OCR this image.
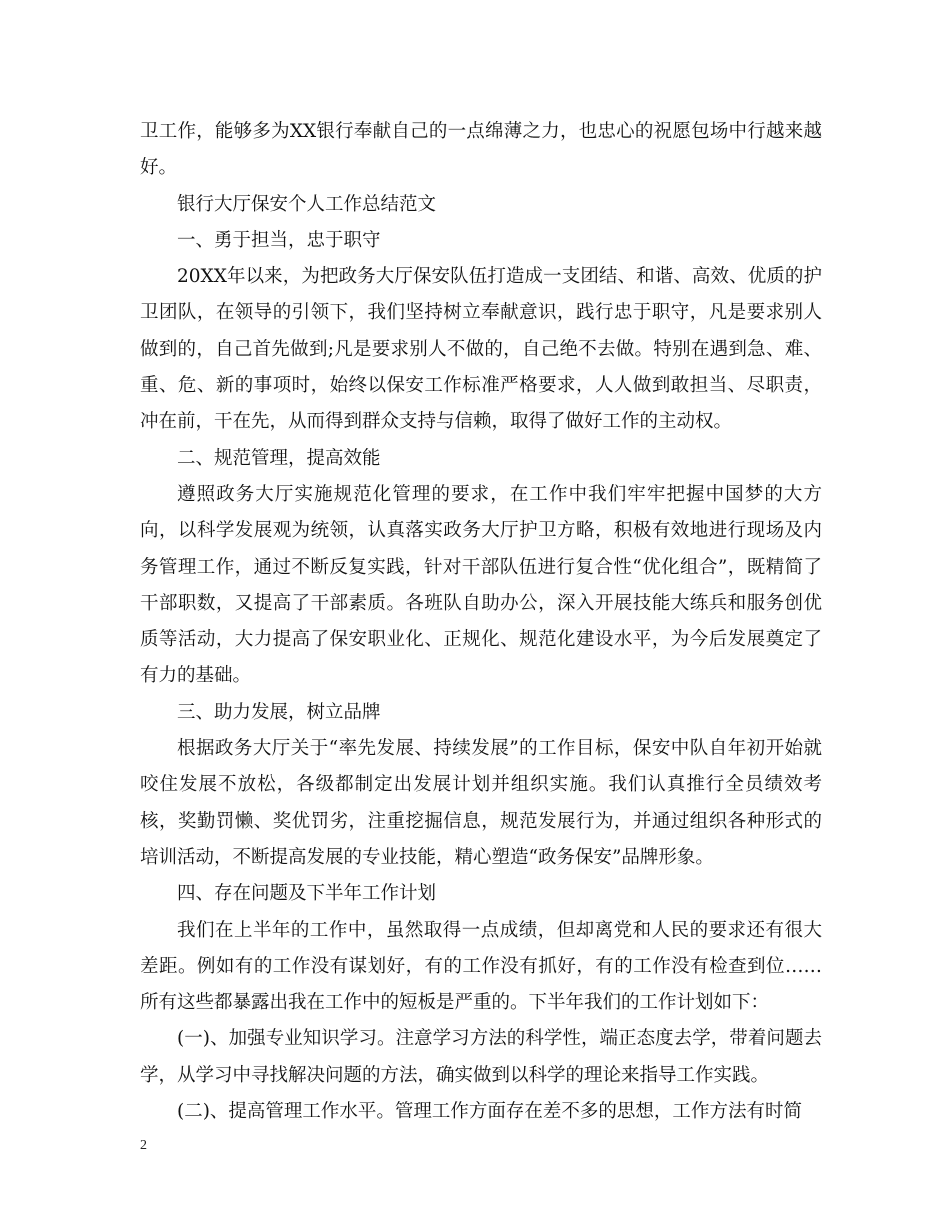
卫工作，能够多为XX银行奉献自己的一点绵薄之力，也忠心的祝愿包场中行越来越好。

银行大厅保安个人工作总结范文

一、勇于担当，忠于职守

20XX年以来，为把政务大厅保安队伍打造成一支团结、和谐、高效、优质的护卫团队，在领导的引领下，我们坚持树立奉献意识，践行忠于职守，凡是要求别人做到的，自己首先做到;凡是要求别人不做的，自己绝不去做。特别在遇到急、难、重、危、新的事项时，始终以保安工作标准严格要求，人人做到敢担当、尽职责，冲在前，干在先，从而得到群众支持与信赖，取得了做好工作的主动权。

二、规范管理，提高效能

遵照政务大厅实施规范化管理的要求，在工作中我们牢牢把握中国梦的大方向，以科学发展观为统领，认真落实政务大厅护卫方略，积极有效地进行现场及内务管理工作，通过不断反复实践，针对干部队伍进行复合性“优化组合”，既精简了干部职数，又提高了干部素质。各班队自助办公，深入开展技能大练兵和服务创优质等活动，大力提高了保安职业化、正规化、规范化建设水平，为今后发展奠定了有力的基础。

三、助力发展，树立品牌

根据政务大厅关于“率先发展、持续发展”的工作目标，保安中队自年初开始就咬住发展不放松，各级都制定出发展计划并组织实施。我们认真推行全员绩效考核，奖勤罚懒、奖优罚劣，注重挖掘信息，规范发展行为，并通过组织各种形式的培训活动，不断提高发展的专业技能，精心塑造“政务保安”品牌形象。

四、存在问题及下半年工作计划

我们在上半年的工作中，虽然取得一点成绩，但却离党和人民的要求还有很大差距。例如有的工作没有谋划好，有的工作没有抓好，有的工作没有检查到位……所有这些都暴露出我在工作中的短板是严重的。下半年我们的工作计划如下：

(一)、加强专业知识学习。注意学习方法的科学性，端正态度去学，带着问题去学，从学习中寻找解决问题的方法，确实做到以科学的理论来指导工作实践。

(二)、提高管理工作水平。管理工作方面存在差不多的思想，工作方法有时简

2
